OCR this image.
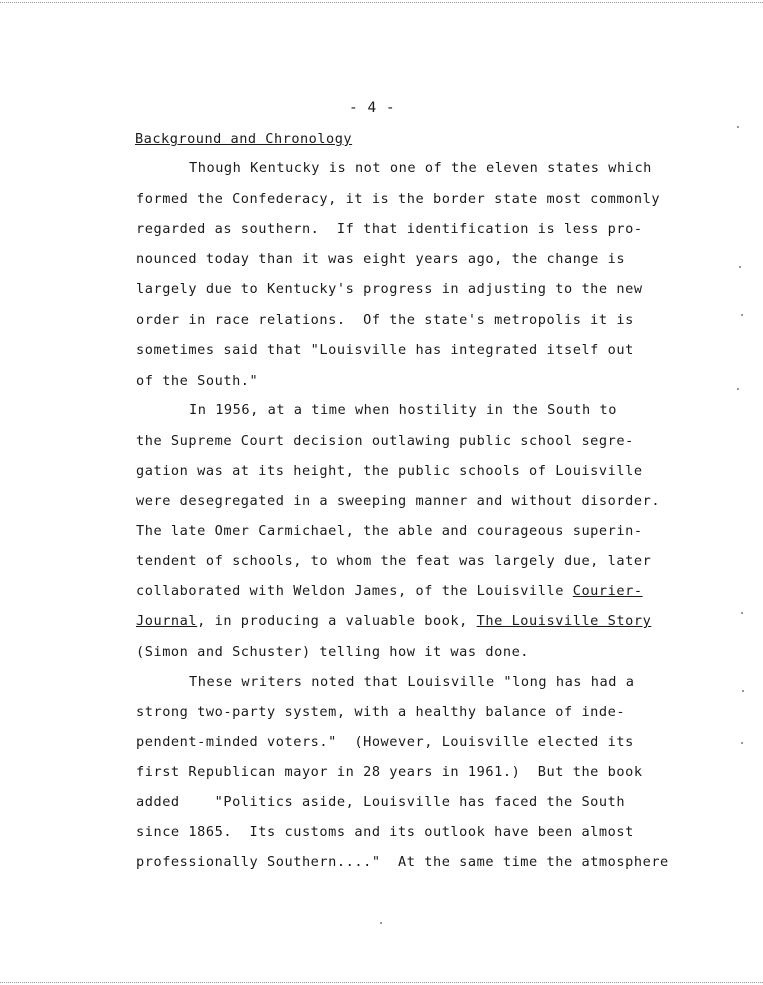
- 4 -
Background and Chronology
Though Kentucky is not one of the eleven states which
formed the Confederacy, it is the border state most commonly
regarded as southern.  If that identification is less pro-
nounced today than it was eight years ago, the change is
largely due to Kentucky's progress in adjusting to the new
order in race relations.  Of the state's metropolis it is
sometimes said that "Louisville has integrated itself out
of the South."
In 1956, at a time when hostility in the South to
the Supreme Court decision outlawing public school segre-
gation was at its height, the public schools of Louisville
were desegregated in a sweeping manner and without disorder.
The late Omer Carmichael, the able and courageous superin-
tendent of schools, to whom the feat was largely due, later
collaborated with Weldon James, of the Louisville Courier-
Journal, in producing a valuable book, The Louisville Story
(Simon and Schuster) telling how it was done.
These writers noted that Louisville "long has had a
strong two-party system, with a healthy balance of inde-
pendent-minded voters."  (However, Louisville elected its
first Republican mayor in 28 years in 1961.)  But the book
added    "Politics aside, Louisville has faced the South
since 1865.  Its customs and its outlook have been almost
professionally Southern...."  At the same time the atmosphere
